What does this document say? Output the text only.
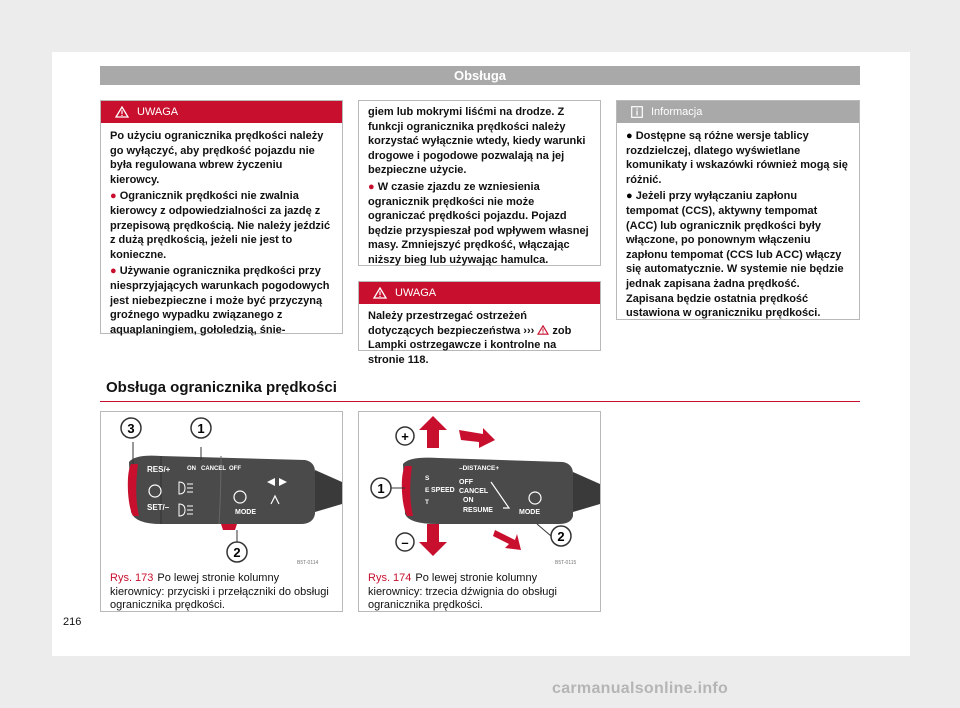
Obsługa
UWAGA

Po użyciu ogranicznika prędkości należy go wyłączyć, aby prędkość pojazdu nie była regulowana wbrew życzeniu kierowcy.

● Ogranicznik prędkości nie zwalnia kierowcy z odpowiedzialności za jazdę z przepisową prędkością. Nie należy jeździć z dużą prędkością, jeżeli nie jest to konieczne.

● Używanie ogranicznika prędkości przy niesprzyjających warunkach pogodowych jest niebezpieczne i może być przyczyną groźnego wypadku związanego z aquaplaningiem, gołoledzią, śnie-

giem lub mokrymi liśćmi na drodze. Z funkcji ogranicznika prędkości należy korzystać wyłącznie wtedy, kiedy warunki drogowe i pogodowe pozwalają na jej bezpieczne użycie.

● W czasie zjazdu ze wzniesienia ogranicznik prędkości nie może ograniczać prędkości pojazdu. Pojazd będzie przyspieszał pod wpływem własnej masy. Zmniejszyć prędkość, włączając niższy bieg lub używając hamulca.

UWAGA

Należy przestrzegać ostrzeżeń dotyczących bezpieczeństwa ››› zob Lampki ostrzegawcze i kontrolne na stronie 118.

Informacja

● Dostępne są różne wersje tablicy rozdzielczej, dlatego wyświetlane komunikaty i wskazówki również mogą się różnić.

● Jeżeli przy wyłączaniu zapłonu tempomat (CCS), aktywny tempomat (ACC) lub ogranicznik prędkości były włączone, po ponownym włączeniu zapłonu tempomat (CCS lub ACC) włączy się automatycznie. W systemie nie będzie jednak zapisana żadna prędkość. Zapisana będzie ostatnia prędkość ustawiona w ograniczniku prędkości.

Obsługa ogranicznika prędkości
3	1
2
RES/+
SET/–
ON CANCEL OFF
MODE
B5T-0114
Rys. 173 Po lewej stronie kolumny kierownicy: przyciski i przełączniki do obsługi ogranicznika prędkości.
+
–
1
2
–DISTANCE+
S
E
T
SPEED
OFF
CANCEL
ON
RESUME	MODE
B5T-0115
Rys. 174 Po lewej stronie kolumny kierownicy: trzecia dźwignia do obsługi ogranicznika prędkości.
216
carmanualsonline.info
